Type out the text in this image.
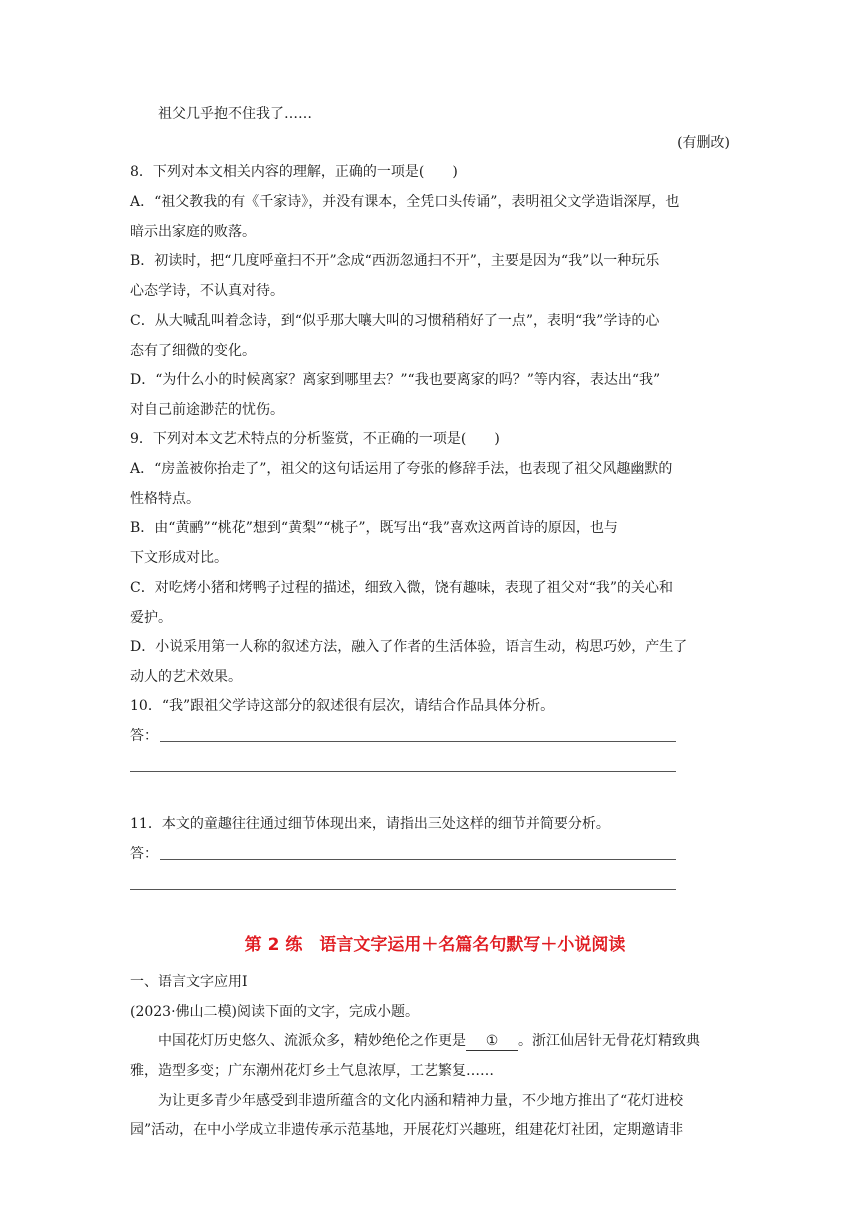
祖父几乎抱不住我了……
(有删改)
8．下列对本文相关内容的理解，正确的一项是(　　)
A．“祖父教我的有《千家诗》，并没有课本，全凭口头传诵”，表明祖父文学造诣深厚，也
暗示出家庭的败落。
B．初读时，把“几度呼童扫不开”念成“西沥忽通扫不开”，主要是因为“我”以一种玩乐
心态学诗，不认真对待。
C．从大喊乱叫着念诗，到“似乎那大嚷大叫的习惯稍稍好了一点”，表明“我”学诗的心
态有了细微的变化。
D．“为什么小的时候离家？离家到哪里去？”“我也要离家的吗？”等内容，表达出“我”
对自己前途渺茫的忧伤。
9．下列对本文艺术特点的分析鉴赏，不正确的一项是(　　)
A．“房盖被你抬走了”，祖父的这句话运用了夸张的修辞手法，也表现了祖父风趣幽默的
性格特点。
B．由“黄鹂”“桃花”想到“黄梨”“桃子”，既写出“我”喜欢这两首诗的原因，也与
下文形成对比。
C．对吃烤小猪和烤鸭子过程的描述，细致入微，饶有趣味，表现了祖父对“我”的关心和
爱护。
D．小说采用第一人称的叙述方法，融入了作者的生活体验，语言生动，构思巧妙，产生了
动人的艺术效果。
10．“我”跟祖父学诗这部分的叙述很有层次，请结合作品具体分析。
答：
11．本文的童趣往往通过细节体现出来，请指出三处这样的细节并简要分析。
答：
第 2 练　语言文字运用＋名篇名句默写＋小说阅读
一、语言文字应用Ⅰ
(2023·佛山二模)阅读下面的文字，完成小题。
中国花灯历史悠久、流派众多，精妙绝伦之作更是 ① 。浙江仙居针无骨花灯精致典
雅，造型多变；广东潮州花灯乡土气息浓厚，工艺繁复……
为让更多青少年感受到非遗所蕴含的文化内涵和精神力量，不少地方推出了“花灯进校
园”活动，在中小学成立非遗传承示范基地，开展花灯兴趣班，组建花灯社团，定期邀请非
